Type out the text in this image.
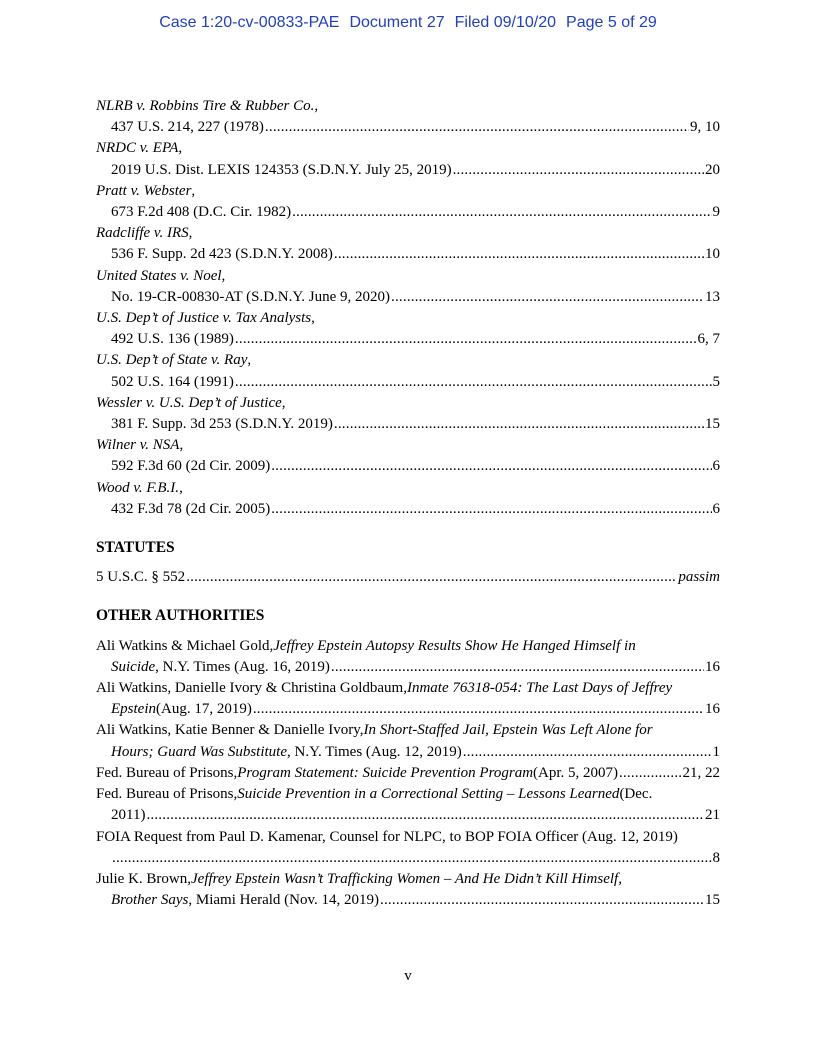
Case 1:20-cv-00833-PAE Document 27 Filed 09/10/20 Page 5 of 29
NLRB v. Robbins Tire & Rubber Co. ,
437 U.S. 214, 227 (1978) .....	9, 10
NRDC v. EPA ,
2019 U.S. Dist. LEXIS 124353 (S.D.N.Y. July 25, 2019) .....	20
Pratt v. Webster ,
673 F.2d 408 (D.C. Cir. 1982) .....	9
Radcliffe v. IRS ,
536 F. Supp. 2d 423 (S.D.N.Y. 2008) .....	10
United States v. Noel ,
No. 19-CR-00830-AT (S.D.N.Y. June 9, 2020) .....	13
U.S. Dep’t of Justice v. Tax Analysts ,
492 U.S. 136 (1989) .....	6, 7
U.S. Dep’t of State v. Ray ,
502 U.S. 164 (1991) .....	5
Wessler v. U.S. Dep’t of Justice ,
381 F. Supp. 3d 253 (S.D.N.Y. 2019) .....	15
Wilner v. NSA ,
592 F.3d 60 (2d Cir. 2009) .....	6
Wood v. F.B.I. ,
432 F.3d 78 (2d Cir. 2005) .....	6
STATUTES
5 U.S.C. § 552 .....	passim
OTHER AUTHORITIES
Ali Watkins & Michael Gold, Jeffrey Epstein Autopsy Results Show He Hanged Himself in
Suicide , N.Y. Times (Aug. 16, 2019) .....	16
Ali Watkins, Danielle Ivory & Christina Goldbaum, Inmate 76318-054: The Last Days of Jeffrey
Epstein (Aug. 17, 2019) .....	16
Ali Watkins, Katie Benner & Danielle Ivory, In Short-Staffed Jail, Epstein Was Left Alone for
Hours; Guard Was Substitute , N.Y. Times (Aug. 12, 2019) .....	1
Fed. Bureau of Prisons, Program Statement: Suicide Prevention Program (Apr. 5, 2007) .....	21, 22
Fed. Bureau of Prisons, Suicide Prevention in a Correctional Setting – Lessons Learned (Dec.
2011) .....	21
FOIA Request from Paul D. Kamenar, Counsel for NLPC, to BOP FOIA Officer (Aug. 12, 2019)
.....
8
Julie K. Brown, Jeffrey Epstein Wasn’t Trafficking Women – And He Didn’t Kill Himself,
Brother Says , Miami Herald (Nov. 14, 2019) .....	15
v
